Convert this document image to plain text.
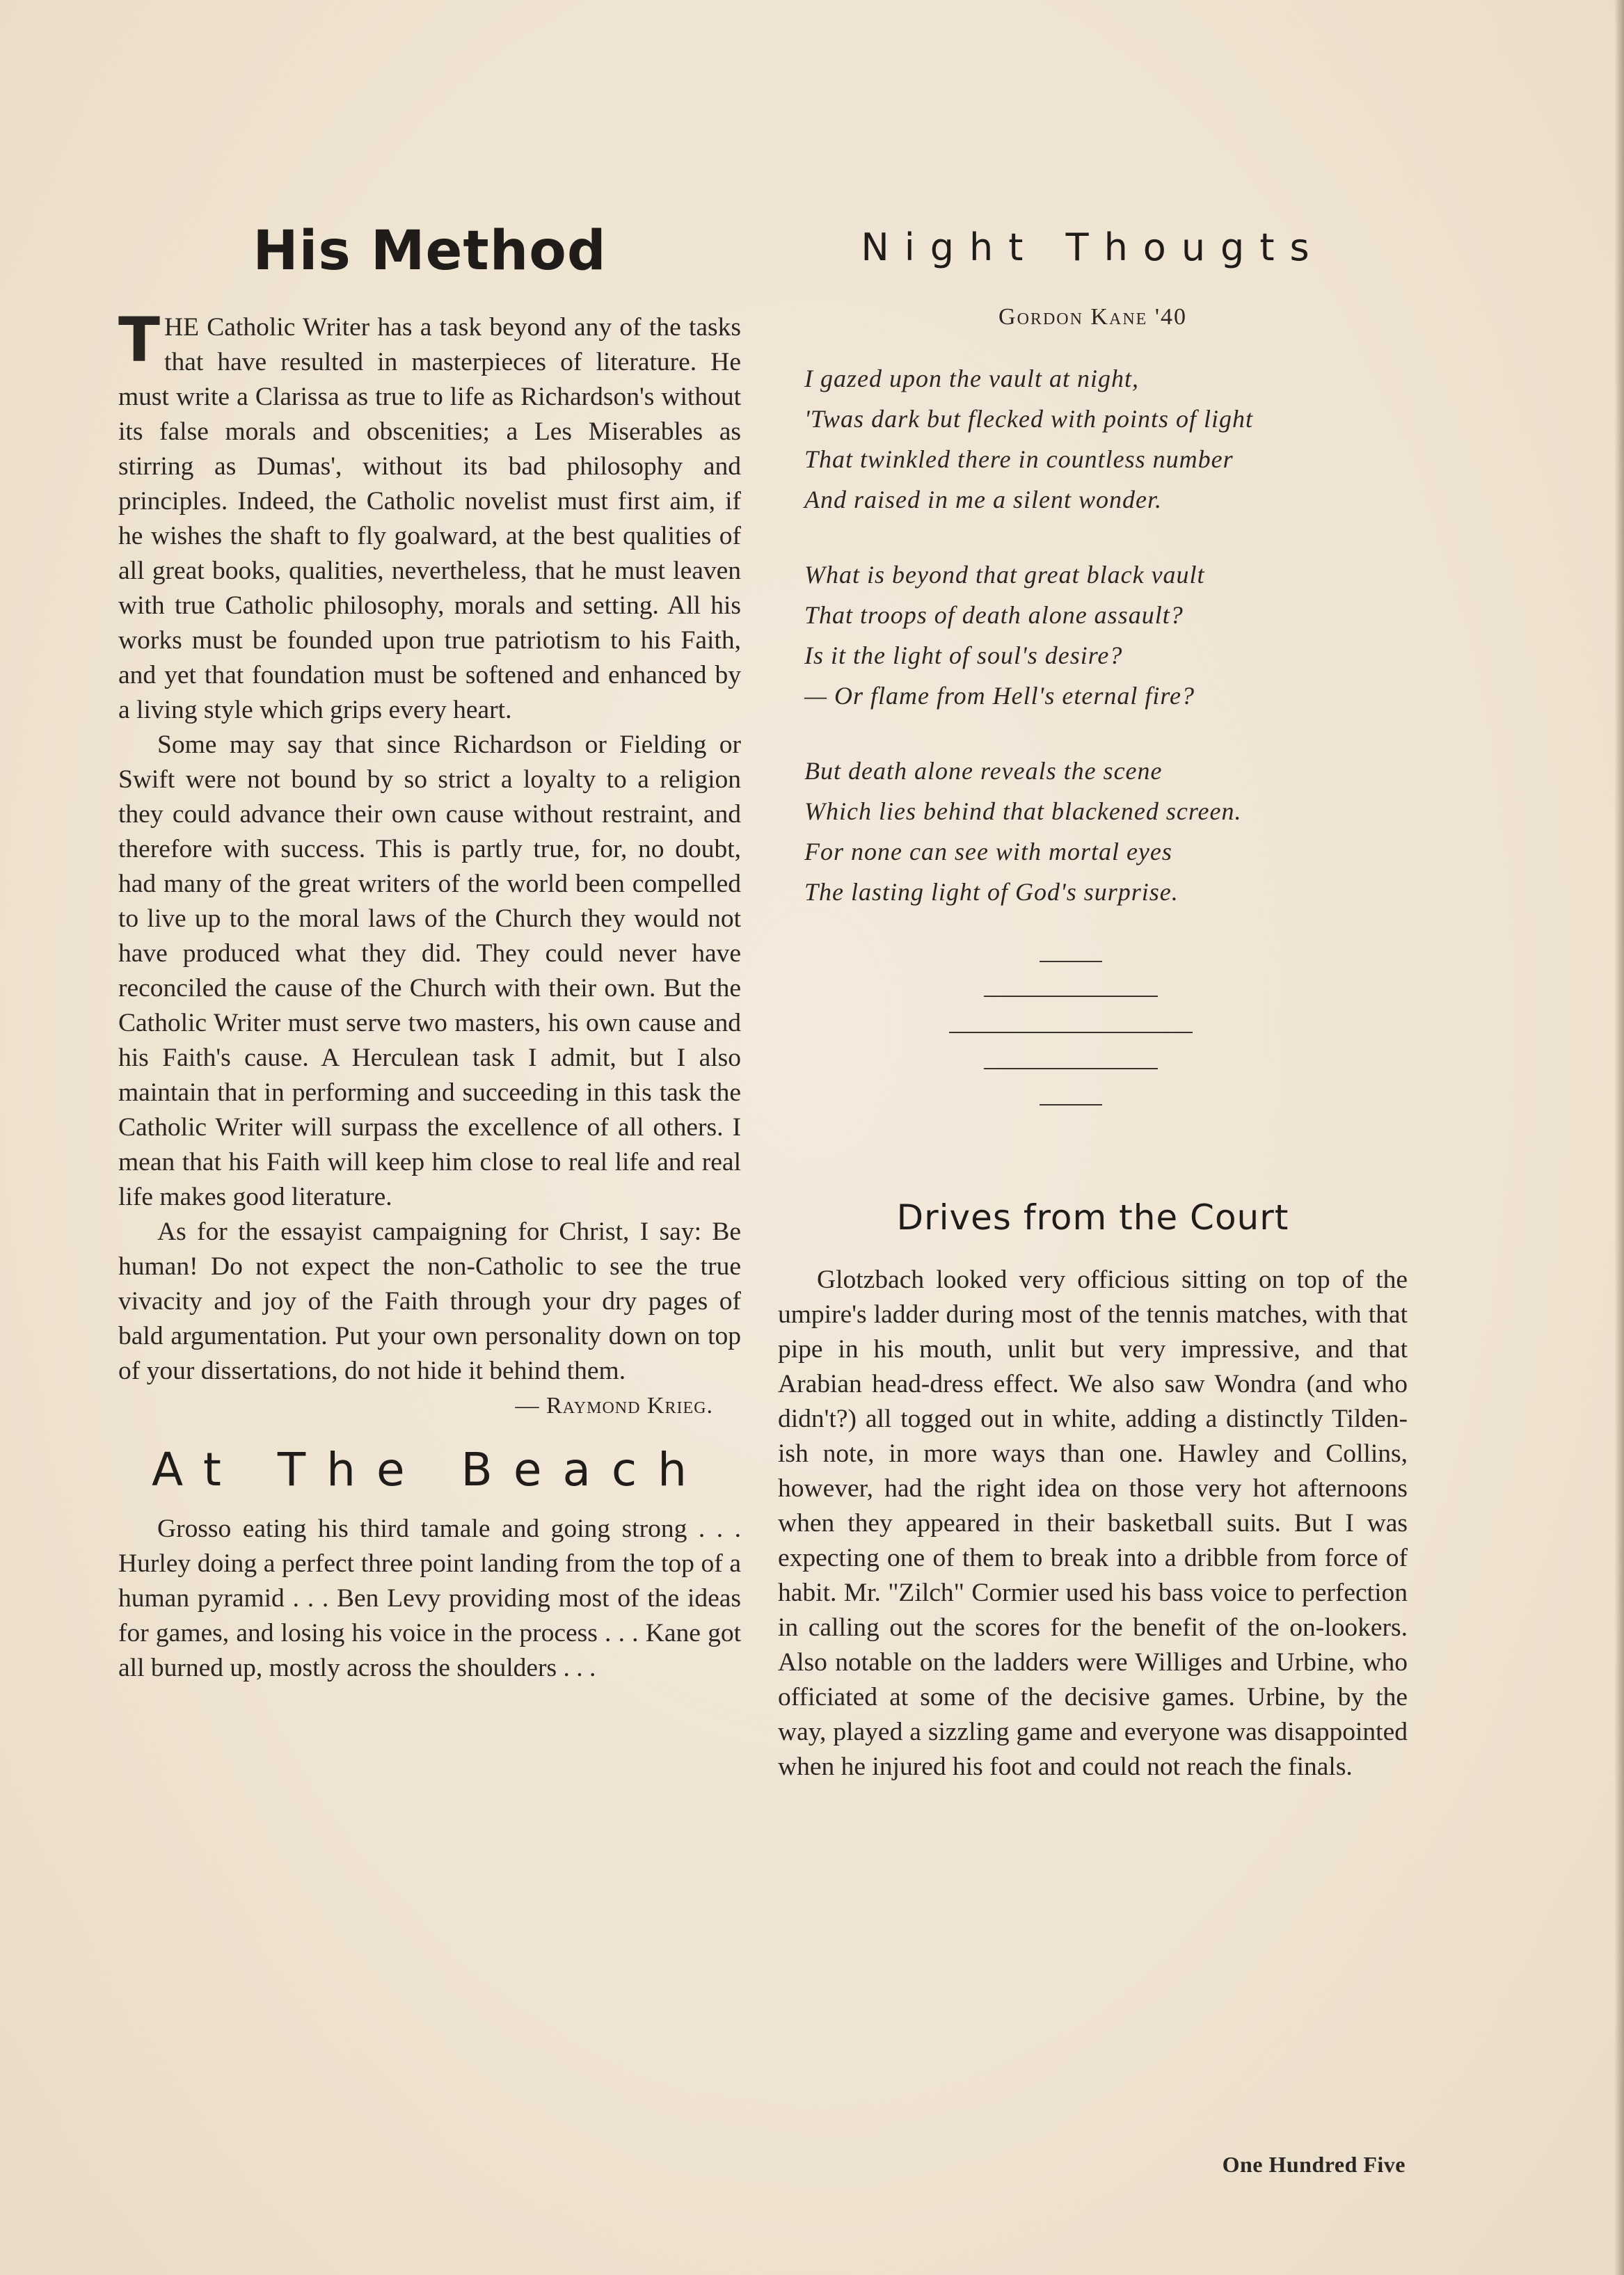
His Method

THE Catholic Writer has a task beyond any of the tasks that have resulted in masterpieces of literature. He must write a Clarissa as true to life as Richardson's without its false morals and obscenities; a Les Miserables as stirring as Dumas', without its bad philosophy and principles. Indeed, the Catholic novelist must first aim, if he wishes the shaft to fly goalward, at the best qualities of all great books, qualities, nevertheless, that he must leaven with true Catholic philosophy, morals and setting. All his works must be founded upon true patriotism to his Faith, and yet that foundation must be softened and enhanced by a living style which grips every heart.

Some may say that since Richardson or Fielding or Swift were not bound by so strict a loyalty to a religion they could advance their own cause without restraint, and therefore with success. This is partly true, for, no doubt, had many of the great writers of the world been compelled to live up to the moral laws of the Church they would not have produced what they did. They could never have reconciled the cause of the Church with their own. But the Catholic Writer must serve two masters, his own cause and his Faith's cause. A Herculean task I admit, but I also maintain that in performing and succeeding in this task the Catholic Writer will surpass the excellence of all others. I mean that his Faith will keep him close to real life and real life makes good literature.

As for the essayist campaigning for Christ, I say: Be human! Do not expect the non-Catholic to see the true vivacity and joy of the Faith through your dry pages of bald argumentation. Put your own personality down on top of your dissertations, do not hide it behind them.

— Raymond Krieg.
At The Beach

Grosso eating his third tamale and going strong . . . Hurley doing a perfect three point landing from the top of a human pyramid . . . Ben Levy providing most of the ideas for games, and losing his voice in the process . . . Kane got all burned up, mostly across the shoulders . . .

Night Thougts
Gordon Kane '40
I gazed upon the vault at night,
'Twas dark but flecked with points of light
That twinkled there in countless number
And raised in me a silent wonder.
What is beyond that great black vault
That troops of death alone assault?
Is it the light of soul's desire?
— Or flame from Hell's eternal fire?
But death alone reveals the scene
Which lies behind that blackened screen.
For none can see with mortal eyes
The lasting light of God's surprise.
Drives from the Court

Glotzbach looked very officious sitting on top of the umpire's ladder during most of the tennis matches, with that pipe in his mouth, unlit but very impressive, and that Arabian head-dress effect. We also saw Wondra (and who didn't?) all togged out in white, adding a distinctly Tilden-ish note, in more ways than one. Hawley and Collins, however, had the right idea on those very hot afternoons when they appeared in their basketball suits. But I was expecting one of them to break into a dribble from force of habit. Mr. "Zilch" Cormier used his bass voice to perfection in calling out the scores for the benefit of the on-lookers. Also notable on the ladders were Williges and Urbine, who officiated at some of the decisive games. Urbine, by the way, played a sizzling game and everyone was disappointed when he injured his foot and could not reach the finals.

One Hundred Five
